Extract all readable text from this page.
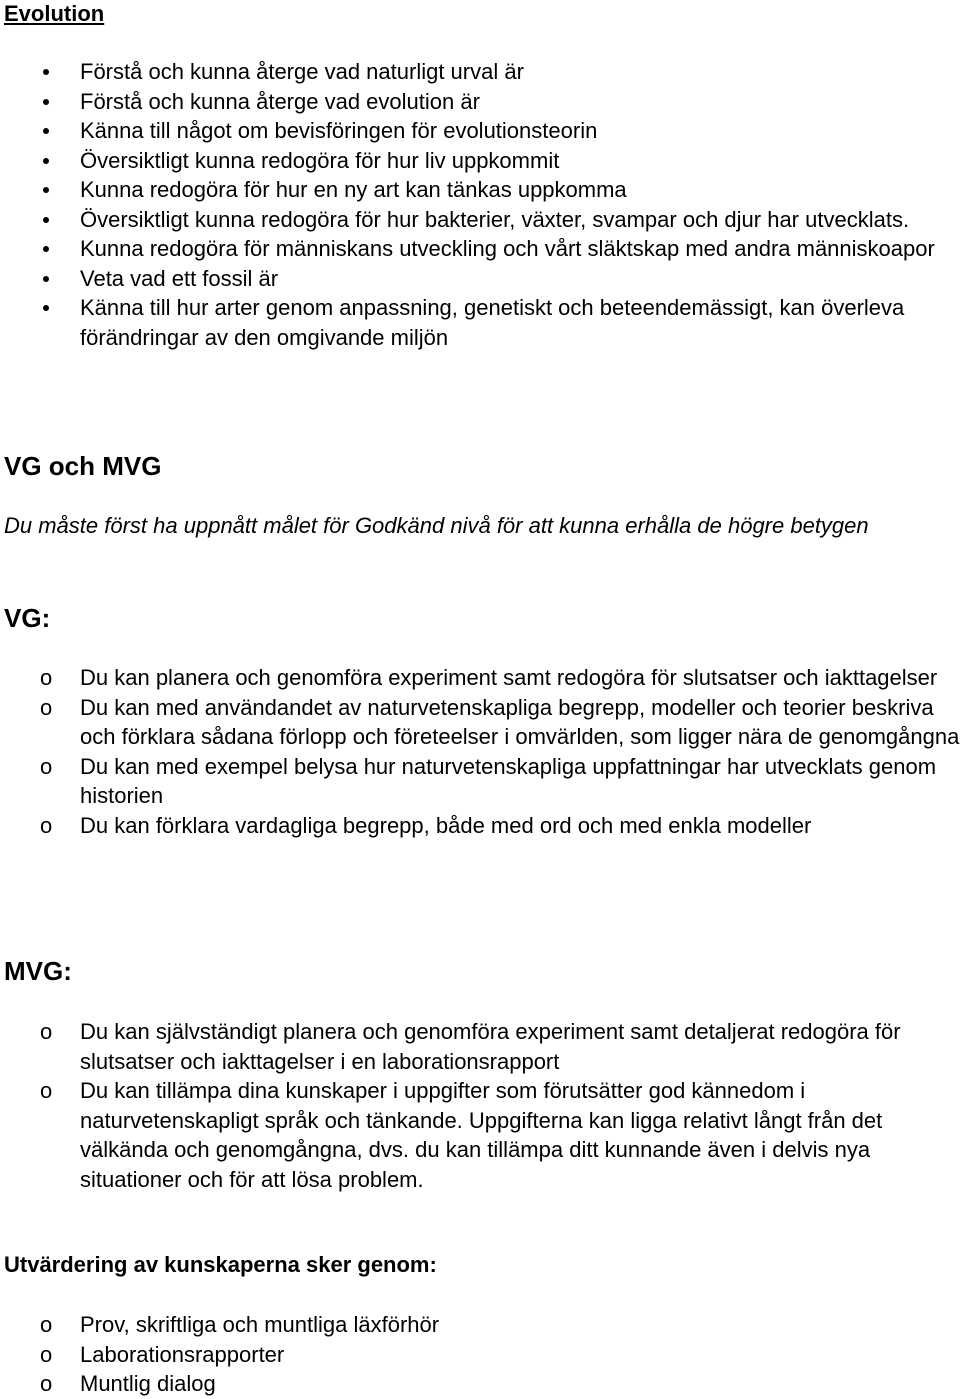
Evolution
Förstå och kunna återge vad naturligt urval är
Förstå och kunna återge vad evolution är
Känna till något om bevisföringen för evolutionsteorin
Översiktligt kunna redogöra för hur liv uppkommit
Kunna redogöra för hur en ny art kan tänkas uppkomma
Översiktligt kunna redogöra för hur bakterier, växter, svampar och djur har utvecklats.
Kunna redogöra för människans utveckling och vårt släktskap med andra människoapor
Veta vad ett fossil är
Känna till hur arter genom anpassning, genetiskt och beteendemässigt, kan överleva förändringar av den omgivande miljön
VG och MVG

Du måste först ha uppnått målet för Godkänd nivå för att kunna erhålla de högre betygen

VG:
o Du kan planera och genomföra experiment samt redogöra för slutsatser och iakttagelser
o Du kan med användandet av naturvetenskapliga begrepp, modeller och teorier beskriva och förklara sådana förlopp och företeelser i omvärlden, som ligger nära de genomgångna
o Du kan med exempel belysa hur naturvetenskapliga uppfattningar har utvecklats genom historien
o Du kan förklara vardagliga begrepp, både med ord och med enkla modeller
MVG:
o Du kan självständigt planera och genomföra experiment samt detaljerat redogöra för slutsatser och iakttagelser i en laborationsrapport
o Du kan tillämpa dina kunskaper i uppgifter som förutsätter god kännedom i naturvetenskapligt språk och tänkande. Uppgifterna kan ligga relativt långt från det välkända och genomgångna, dvs. du kan tillämpa ditt kunnande även i delvis nya situationer och för att lösa problem.
Utvärdering av kunskaperna sker genom:
o Prov, skriftliga och muntliga läxförhör
o Laborationsrapporter
o Muntlig dialog
